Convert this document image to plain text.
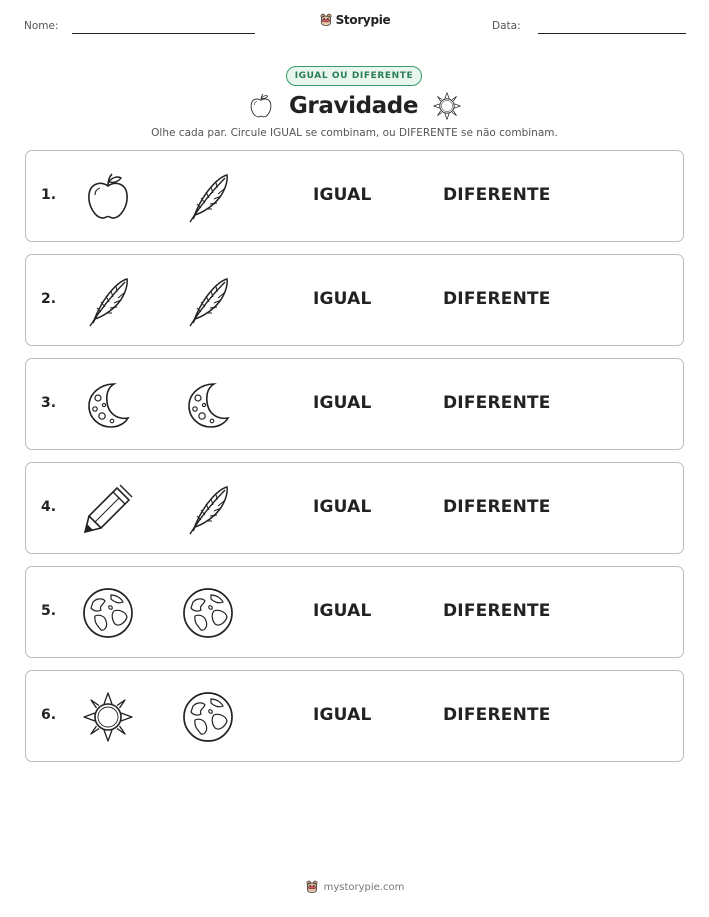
Nome:	Storypie	Data:
IGUAL OU DIFERENTE
Gravidade
Olhe cada par. Circule IGUAL se combinam, ou DIFERENTE se não combinam.
1.	IGUAL	DIFERENTE
2.	IGUAL	DIFERENTE
3.	IGUAL	DIFERENTE
4.	IGUAL	DIFERENTE
5.	IGUAL	DIFERENTE
6.	IGUAL	DIFERENTE
mystorypie.com
